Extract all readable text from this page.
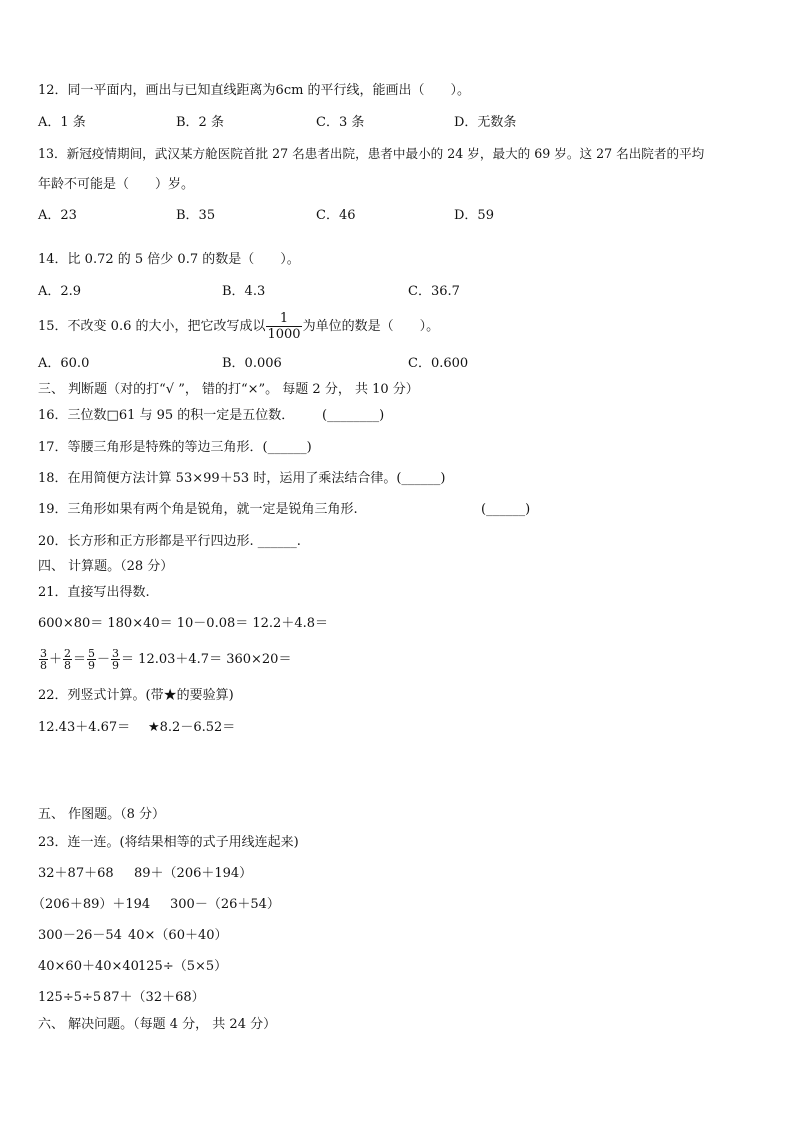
12．同一平面内，画出与已知直线距离为6cm 的平行线，能画出（　　）。
A．1 条	B．2 条	C．3 条	D．无数条
13．新冠疫情期间，武汉某方舱医院首批 27 名患者出院，患者中最小的 24 岁，最大的 69 岁。这 27 名出院者的平均
年龄不可能是（　　）岁。
A．23	B．35	C．46	D．59
14．比 0.72 的 5 倍少 0.7 的数是（　　）。
A．2.9	B．4.3	C．36.7
15．不改变 0.6 的大小，把它改写成以 $\frac{1}{1000}$ 为单位的数是（　　）。
A．60.0	B．0.006	C．0.600
三、 判断题（对的打“√ ”， 错的打“×”。 每题 2 分， 共 10 分）
16．三位数□61 与 95 的积一定是五位数． (________)
17．等腰三角形是特殊的等边三角形．(______)
18．在用简便方法计算 53×99＋53 时，运用了乘法结合律。(______)
19．三角形如果有两个角是锐角，就一定是锐角三角形.	(______)
20．长方形和正方形都是平行四边形. ______.
四、 计算题。（28 分）
21．直接写出得数.
600×80＝ 180×40＝ 10－0.08＝ 12.2＋4.8＝
$\frac{3}{8} + \frac{2}{8} = \frac{5}{9} - \frac{3}{9} = 12.03+4.7= 360\times 20=$
22．列竖式计算。(带★的要验算)
12.43＋4.67＝ ★8.2－6.52＝
五、 作图题。（8 分）
23．连一连。(将结果相等的式子用线连起来)
32＋87＋68 89＋（206＋194）
（206＋89）＋194 300－（26＋54）
300－26－54 40×（60＋40）
40×60＋40×40 125÷（5×5）
125÷5÷5 87＋（32＋68）
六、 解决问题。（每题 4 分， 共 24 分）
